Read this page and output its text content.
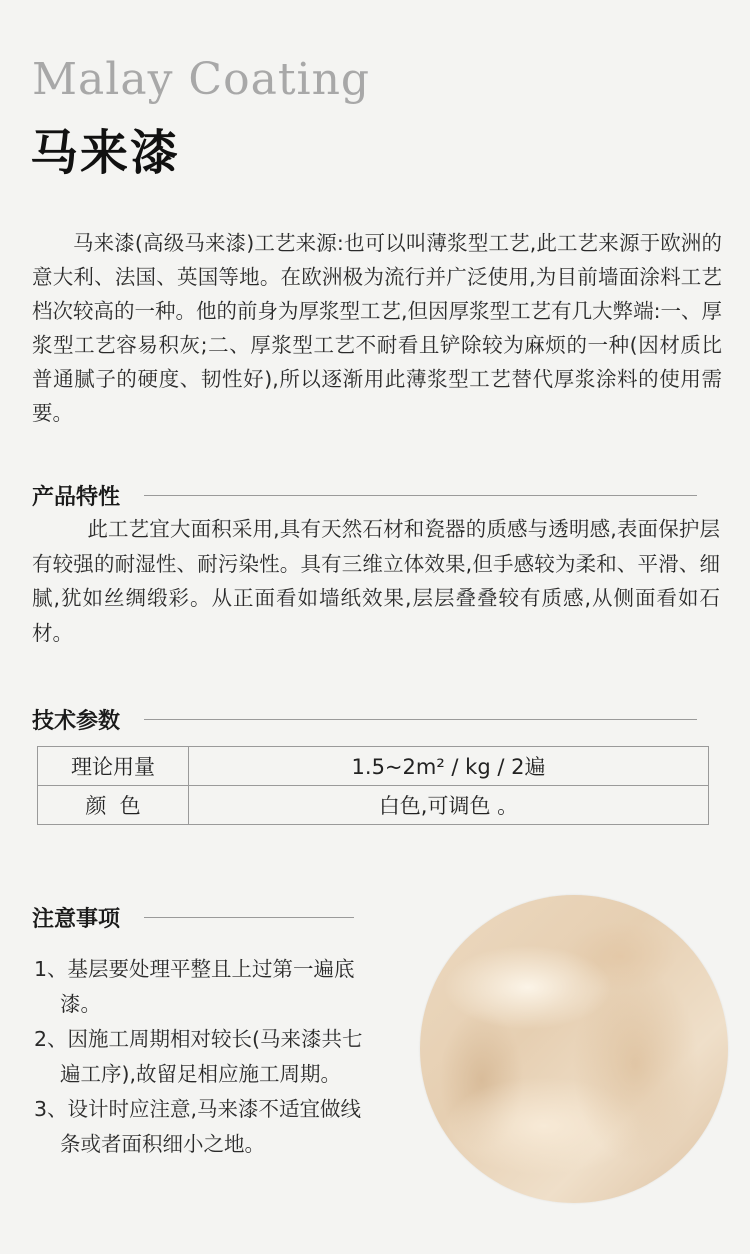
Malay Coating
马来漆

马来漆(高级马来漆)工艺来源:也可以叫薄浆型工艺,此工艺来源于欧洲的意大利、法国、英国等地。在欧洲极为流行并广泛使用,为目前墙面涂料工艺档次较高的一种。他的前身为厚浆型工艺,但因厚浆型工艺有几大弊端:一、厚浆型工艺容易积灰;二、厚浆型工艺不耐看且铲除较为麻烦的一种(因材质比普通腻子的硬度、韧性好),所以逐渐用此薄浆型工艺替代厚浆涂料的使用需要。

产品特性

此工艺宜大面积采用,具有天然石材和瓷器的质感与透明感,表面保护层有较强的耐湿性、耐污染性。具有三维立体效果,但手感较为柔和、平滑、细腻,犹如丝绸缎彩。从正面看如墙纸效果,层层叠叠较有质感,从侧面看如石材。

技术参数
理论用量	1.5~2m² / kg / 2遍
颜  色	白色,可调色 。
注意事项
1、基层要处理平整且上过第一遍底漆。
2、因施工周期相对较长(马来漆共七遍工序),故留足相应施工周期。
3、设计时应注意,马来漆不适宜做线条或者面积细小之地。
